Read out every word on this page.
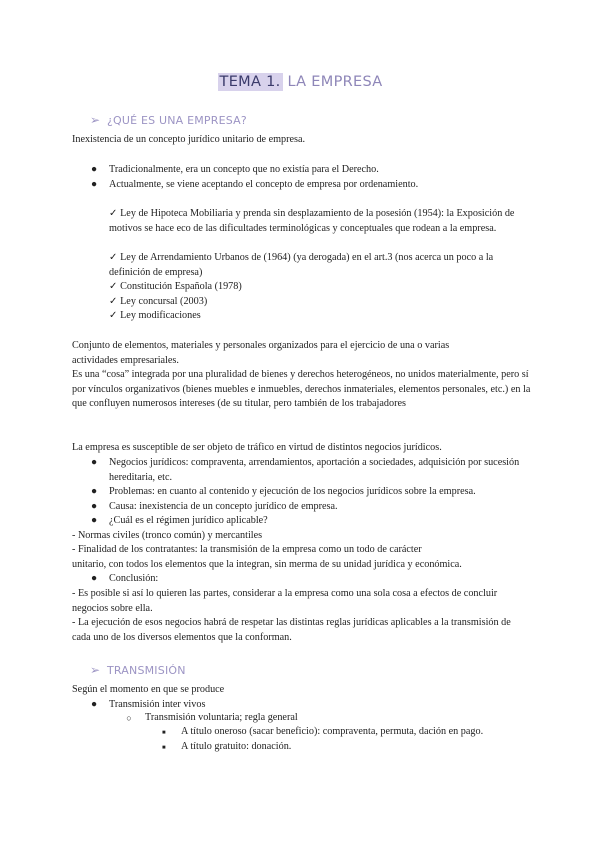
TEMA 1. LA EMPRESA
➢ ¿QUÉ ES UNA EMPRESA?
Inexistencia de un concepto jurídico unitario de empresa.
● Tradicionalmente, era un concepto que no existía para el Derecho.
● Actualmente, se viene aceptando el concepto de empresa por ordenamiento.
✓ Ley de Hipoteca Mobiliaria y prenda sin desplazamiento de la posesión (1954): la Exposición de motivos se hace eco de las dificultades terminológicas y conceptuales que rodean a la empresa.
✓ Ley de Arrendamiento Urbanos de (1964) (ya derogada) en el art.3 (nos acerca un poco a la definición de empresa)
✓ Constitución Española (1978)
✓ Ley concursal (2003)
✓ Ley modificaciones
Conjunto de elementos, materiales y personales organizados para el ejercicio de una o varias actividades empresariales.
Es una “cosa” integrada por una pluralidad de bienes y derechos heterogéneos, no unidos materialmente, pero sí por vínculos organizativos (bienes muebles e inmuebles, derechos inmateriales, elementos personales, etc.) en la que confluyen numerosos intereses (de su titular, pero también de los trabajadores
La empresa es susceptible de ser objeto de tráfico en virtud de distintos negocios jurídicos.
● Negocios jurídicos: compraventa, arrendamientos, aportación a sociedades, adquisición por sucesión hereditaria, etc.
● Problemas: en cuanto al contenido y ejecución de los negocios jurídicos sobre la empresa.
● Causa: inexistencia de un concepto jurídico de empresa.
● ¿Cuál es el régimen jurídico aplicable?
- Normas civiles (tronco común) y mercantiles
- Finalidad de los contratantes: la transmisión de la empresa como un todo de carácter
unitario, con todos los elementos que la integran, sin merma de su unidad jurídica y económica.
● Conclusión:
- Es posible si así lo quieren las partes, considerar a la empresa como una sola cosa a efectos de concluir negocios sobre ella.
- La ejecución de esos negocios habrá de respetar las distintas reglas jurídicas aplicables a la transmisión de cada uno de los diversos elementos que la conforman.
➢ TRANSMISIÓN
Según el momento en que se produce
● Transmisión inter vivos
○ Transmisión voluntaria; regla general
■ A título oneroso (sacar beneficio): compraventa, permuta, dación en pago.
■ A título gratuito: donación.
